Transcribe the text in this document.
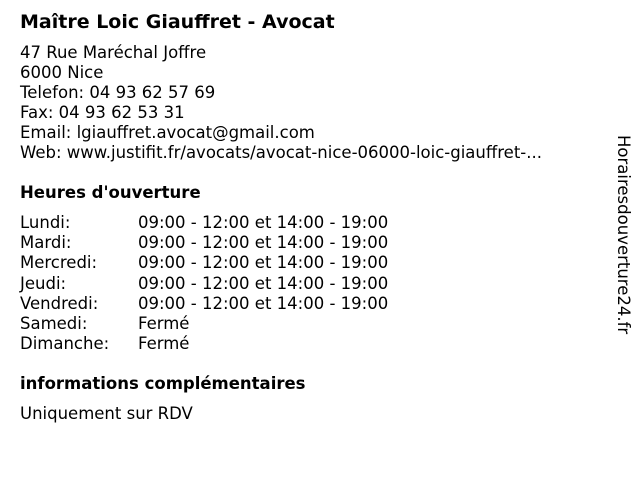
Maître Loic Giauffret - Avocat
47 Rue Maréchal Joffre
6000 Nice
Telefon: 04 93 62 57 69
Fax: 04 93 62 53 31
Email: lgiauffret.avocat@gmail.com
Web: www.justifit.fr/avocats/avocat-nice-06000-loic-giauffret-...
Heures d'ouverture
Lundi:	09:00 - 12:00 et 14:00 - 19:00
Mardi:	09:00 - 12:00 et 14:00 - 19:00
Mercredi: 09:00 - 12:00 et 14:00 - 19:00
Jeudi:	09:00 - 12:00 et 14:00 - 19:00
Vendredi: 09:00 - 12:00 et 14:00 - 19:00
Samedi:	Fermé
Dimanche: Fermé
informations complémentaires
Uniquement sur RDV
Horairesdouverture24.fr
